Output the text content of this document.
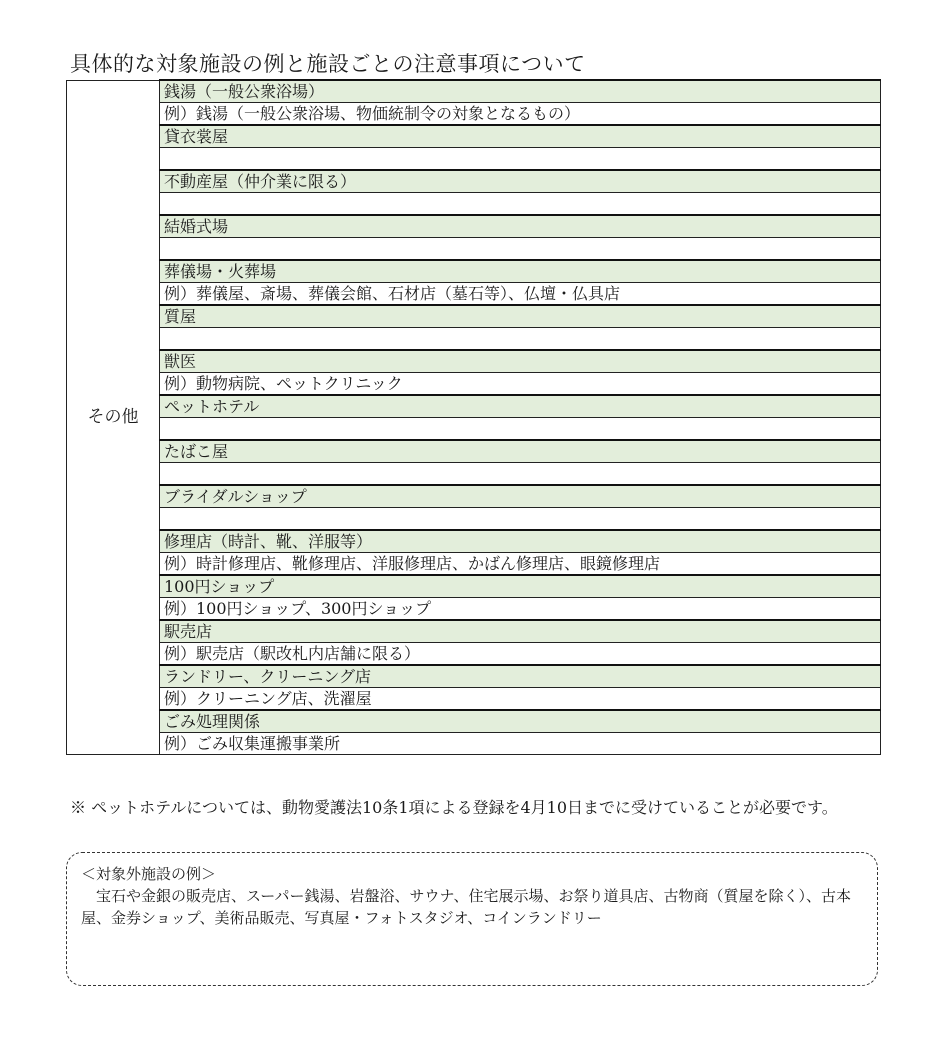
具体的な対象施設の例と施設ごとの注意事項について
その他	銭湯（一般公衆浴場）
例）銭湯（一般公衆浴場、物価統制令の対象となるもの）
貸衣裳屋

不動産屋（仲介業に限る）

結婚式場

葬儀場・火葬場
例）葬儀屋、斎場、葬儀会館、石材店（墓石等）、仏壇・仏具店
質屋

獣医
例）動物病院、ペットクリニック
ペットホテル

たばこ屋

ブライダルショップ

修理店（時計、靴、洋服等）
例）時計修理店、靴修理店、洋服修理店、かばん修理店、眼鏡修理店
100円ショップ
例）100円ショップ、300円ショップ
駅売店
例）駅売店（駅改札内店舗に限る）
ランドリー、クリーニング店
例）クリーニング店、洗濯屋
ごみ処理関係
例）ごみ収集運搬事業所
※ ペットホテルについては、動物愛護法10条1項による登録を4月10日までに受けていることが必要です。
＜対象外施設の例＞
宝石や金銀の販売店、スーパー銭湯、岩盤浴、サウナ、住宅展示場、お祭り道具店、古物商（質屋を除く）、古本屋、金券ショップ、美術品販売、写真屋・フォトスタジオ、コインランドリー
